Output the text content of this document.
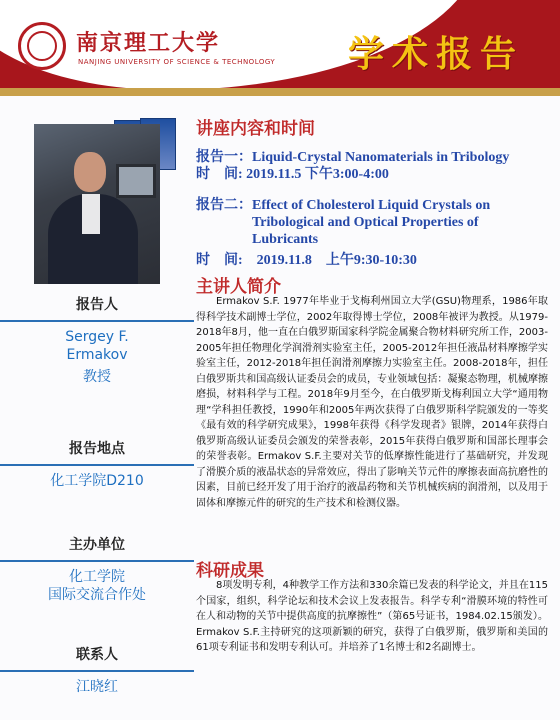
南京理工大学
NANJING UNIVERSITY OF SCIENCE & TECHNOLOGY 学术报告
报告人
Sergey F. Ermakov
教授
报告地点
化工学院D210
主办单位
化工学院
国际交流合作处
联系人
江晓红
讲座内容和时间
报告一：Liquid-Crystal Nanomaterials in Tribology
时　间: 2019.11.5 下午3:00-4:00
报告二：Effect of Cholesterol Liquid Crystals on
Tribological and Optical Properties of
Lubricants
时　间:　2019.11.8　上午9:30-10:30
主讲人简介
Ermakov S.F. 1977年毕业于戈梅利州国立大学(GSU)物理系，1986年取得科学技术副博士学位，2002年取得博士学位，2008年被评为教授。从1979-2018年8月，他一直在白俄罗斯国家科学院金属聚合物材料研究所工作，2003-2005年担任物理化学润滑剂实验室主任，2005-2012年担任液晶材料摩擦学实验室主任，2012-2018年担任润滑剂摩擦力实验室主任。2008-2018年，担任白俄罗斯共和国高级认证委员会的成员，专业领域包括：凝聚态物理，机械摩擦磨损，材料科学与工程。2018年9月至今，在白俄罗斯戈梅利国立大学“通用物理“学科担任教授，1990年和2005年两次获得了白俄罗斯科学院颁发的一等奖《最有效的科学研究成果》，1998年获得《科学发现者》银牌，2014年获得白俄罗斯高级认证委员会颁发的荣誉表彰，2015年获得白俄罗斯和国部长理事会的荣誉表彰。Ermakov S.F.主要对关节的低摩擦性能进行了基础研究，并发现了滑膜介质的液晶状态的异常效应，得出了影响关节元件的摩擦表面高抗磨性的因素，目前已经开发了用于治疗的液晶药物和关节机械疾病的润滑剂，以及用于固体和摩擦元件的研究的生产技术和检测仪器。
科研成果
8项发明专利，4种教学工作方法和330余篇已发表的科学论文，并且在115个国家，组织，科学论坛和技术会议上发表报告。科学专利“滑膜环境的特性可在人和动物的关节中提供高度的抗摩擦性”（第65号证书，1984.02.15颁发）。Ermakov S.F.主持研究的这项新颖的研究，获得了白俄罗斯，俄罗斯和美国的61项专利证书和发明专利认可。并培养了1名博士和2名副博士。
